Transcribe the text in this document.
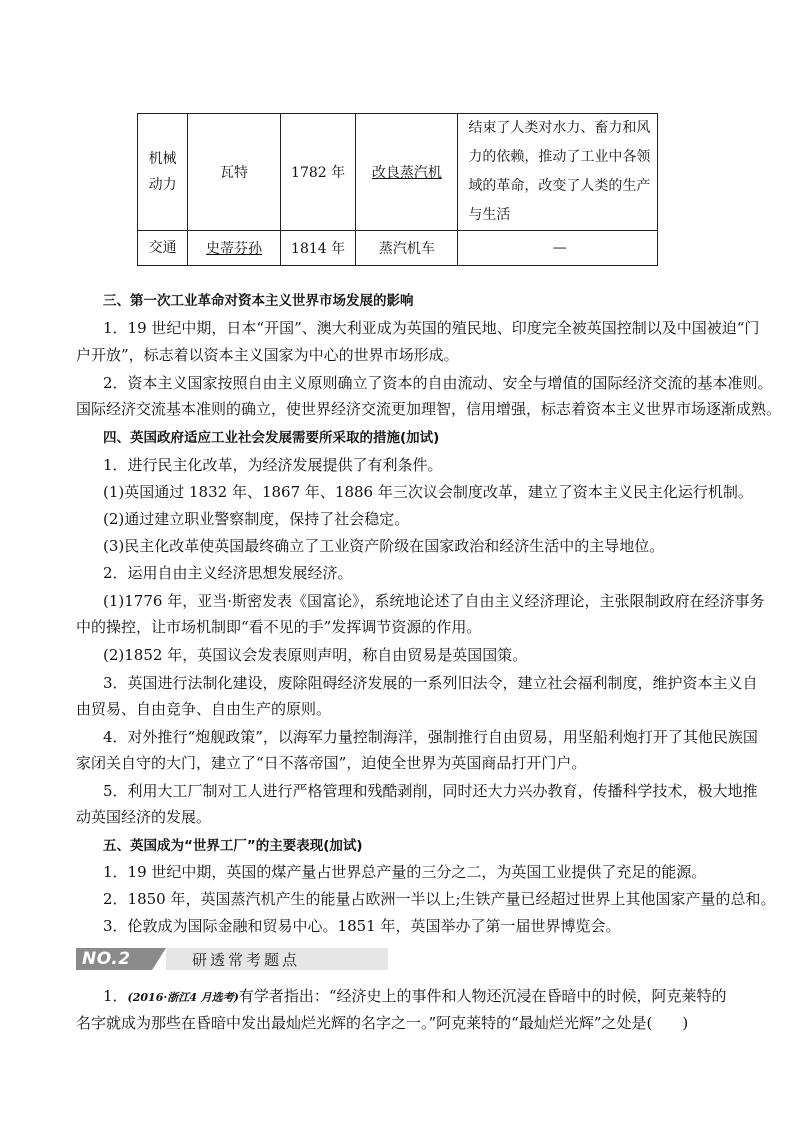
机械动力	瓦特	1782 年	改良蒸汽机	结束了人类对水力、畜力和风力的依赖，推动了工业中各领域的革命，改变了人类的生产与生活
交通	史蒂芬孙	1814 年	蒸汽机车	—
三、第一次工业革命对资本主义世界市场发展的影响
1．19 世纪中期，日本“开国”、澳大利亚成为英国的殖民地、印度完全被英国控制以及中国被迫“门
户开放”，标志着以资本主义国家为中心的世界市场形成。
2．资本主义国家按照自由主义原则确立了资本的自由流动、安全与增值的国际经济交流的基本准则。
国际经济交流基本准则的确立，使世界经济交流更加理智，信用增强，标志着资本主义世界市场逐渐成熟。
四、英国政府适应工业社会发展需要所采取的措施(加试)
1．进行民主化改革，为经济发展提供了有利条件。
(1)英国通过 1832 年、1867 年、1886 年三次议会制度改革，建立了资本主义民主化运行机制。
(2)通过建立职业警察制度，保持了社会稳定。
(3)民主化改革使英国最终确立了工业资产阶级在国家政治和经济生活中的主导地位。
2．运用自由主义经济思想发展经济。
(1)1776 年，亚当·斯密发表《国富论》，系统地论述了自由主义经济理论，主张限制政府在经济事务
中的操控，让市场机制即“看不见的手”发挥调节资源的作用。
(2)1852 年，英国议会发表原则声明，称自由贸易是英国国策。
3．英国进行法制化建设，废除阻碍经济发展的一系列旧法令，建立社会福利制度，维护资本主义自
由贸易、自由竞争、自由生产的原则。
4．对外推行“炮舰政策”，以海军力量控制海洋，强制推行自由贸易，用坚船利炮打开了其他民族国
家闭关自守的大门，建立了“日不落帝国”，迫使全世界为英国商品打开门户。
5．利用大工厂制对工人进行严格管理和残酷剥削，同时还大力兴办教育，传播科学技术，极大地推
动英国经济的发展。
五、英国成为“世界工厂”的主要表现(加试)
1．19 世纪中期，英国的煤产量占世界总产量的三分之二，为英国工业提供了充足的能源。
2．1850 年，英国蒸汽机产生的能量占欧洲一半以上;生铁产量已经超过世界上其他国家产量的总和。
3．伦敦成为国际金融和贸易中心。1851 年，英国举办了第一届世界博览会。
NO.2	研透常考题点
1．(2016·浙江4 月选考)有学者指出：“经济史上的事件和人物还沉浸在昏暗中的时候，阿克莱特的
名字就成为那些在昏暗中发出最灿烂光辉的名字之一。”阿克莱特的“最灿烂光辉”之处是(　　)
